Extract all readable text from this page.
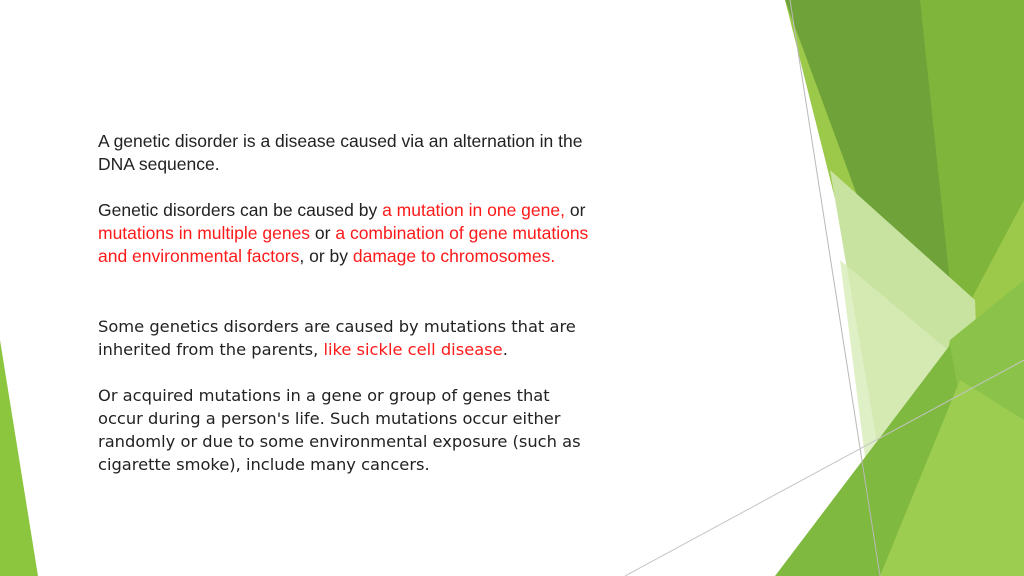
A genetic disorder is a disease caused via an alternation in the DNA sequence.
Genetic disorders can be caused by a mutation in one gene, or mutations in multiple genes or a combination of gene mutations and environmental factors, or by damage to chromosomes.
Some genetics disorders are caused by mutations that are inherited from the parents, like sickle cell disease.
Or acquired mutations in a gene or group of genes that occur during a person's life. Such mutations occur either randomly or due to some environmental exposure (such as cigarette smoke), include many cancers.
